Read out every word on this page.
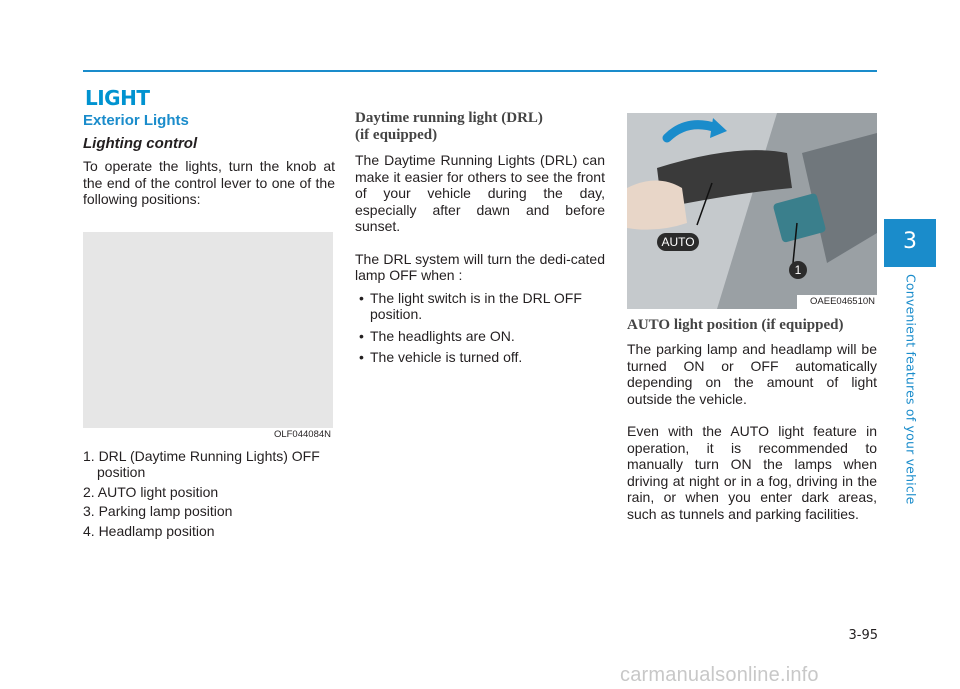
LIGHT
Exterior Lights
Lighting control

To operate the lights, turn the knob at the end of the control lever to one of the following positions:

OLF044084N
1. DRL (Daytime Running Lights) OFF position
2. AUTO light position
3. Parking lamp position
4. Headlamp position
Daytime running light (DRL)
(if equipped)

The Daytime Running Lights (DRL) can make it easier for others to see the front of your vehicle during the day, especially after dawn and before sunset.

The DRL system will turn the dedi-cated lamp OFF when :

• The light switch is in the DRL OFF position.
• The headlights are ON.
• The vehicle is turned off.
AUTO
1
OAEE046510N
AUTO light position (if equipped)

The parking lamp and headlamp will be turned ON or OFF automatically depending on the amount of light outside the vehicle.

Even with the AUTO light feature in operation, it is recommended to manually turn ON the lamps when driving at night or in a fog, driving in the rain, or when you enter dark areas, such as tunnels and parking facilities.

3
Convenient features of your vehicle
3-95
carmanualsonline.info
